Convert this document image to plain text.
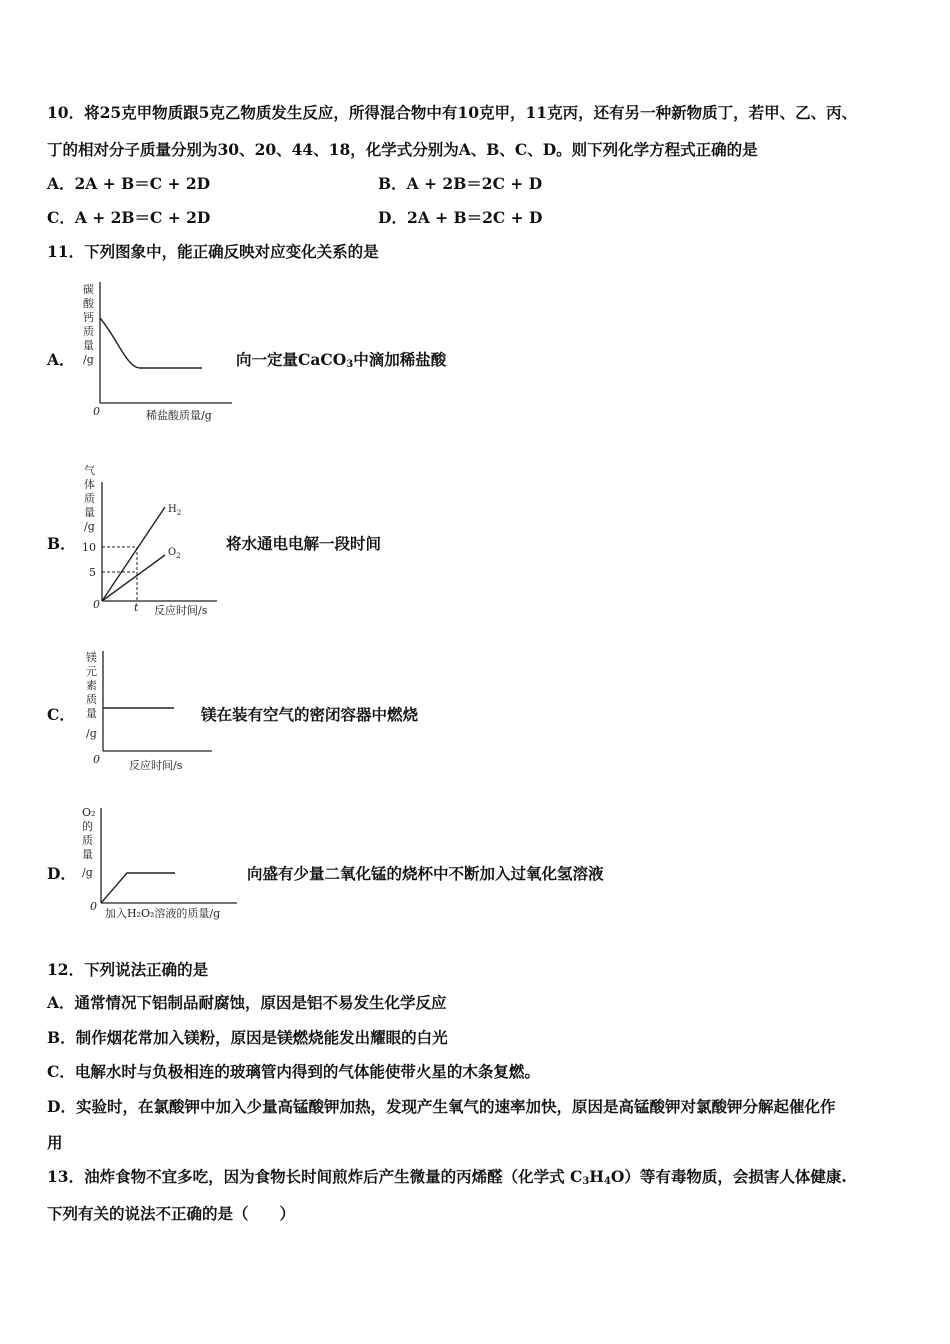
10．将25克甲物质跟5克乙物质发生反应，所得混合物中有10克甲，11克丙，还有另一种新物质丁，若甲、乙、丙、
丁的相对分子质量分别为30、20、44、18，化学式分别为A、B、C、D。则下列化学方程式正确的是
A．2A + B＝C + 2D	B．A + 2B＝2C + D
C．A + 2B＝C + 2D	D．2A + B＝2C + D
11．下列图象中，能正确反映对应变化关系的是
A．
碳
酸
钙
质
量
/g
0	稀盐酸质量/g
向一定量CaCO$_3$中滴加稀盐酸
B．
气
体
质
量
/g
$H_2$
$O_2$
10
5
0	t 反应时间/s
将水通电电解一段时间
C．
镁
元
素
质
量
/g
0	反应时间/s
镁在装有空气的密闭容器中燃烧
D．
O₂
的
质
量
/g
0
加入H₂O₂溶液的质量/g
向盛有少量二氧化锰的烧杯中不断加入过氧化氢溶液
12．下列说法正确的是
A．通常情况下铝制品耐腐蚀，原因是铝不易发生化学反应
B．制作烟花常加入镁粉，原因是镁燃烧能发出耀眼的白光
C．电解水时与负极相连的玻璃管内得到的气体能使带火星的木条复燃。
D．实验时，在氯酸钾中加入少量高锰酸钾加热，发现产生氧气的速率加快，原因是高锰酸钾对氯酸钾分解起催化作
用
13．油炸食物不宜多吃，因为食物长时间煎炸后产生微量的丙烯醛（化学式 $C_3H_4O$）等有毒物质，会损害人体健康.
下列有关的说法不正确的是（　　）
